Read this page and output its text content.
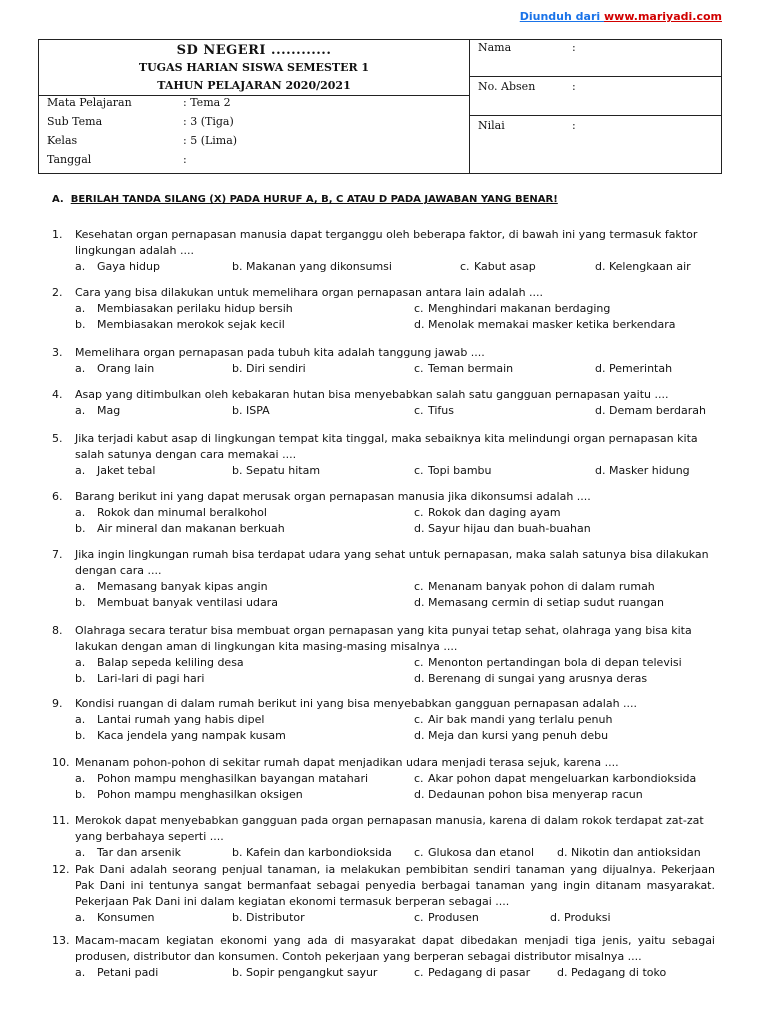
Diunduh dari www.mariyadi.com
SD NEGERI ............
TUGAS HARIAN SISWA SEMESTER 1
TAHUN PELAJARAN 2020/2021
Mata Pelajaran	: Tema 2
Sub Tema	: 3 (Tiga)
Kelas	: 5 (Lima)
Tanggal	:
Nama	:
No. Absen	:
Nilai	:
A. BERILAH TANDA SILANG (X) PADA HURUF A, B, C ATAU D PADA JAWABAN YANG BENAR!
1. Kesehatan organ pernapasan manusia dapat terganggu oleh beberapa faktor, di bawah ini yang termasuk faktor lingkungan adalah ....
a. Gaya hidup	b. Makanan yang dikonsumsi	c. Kabut asap	d. Kelengkaan air
2. Cara yang bisa dilakukan untuk memelihara organ pernapasan antara lain adalah ....
a. Membiasakan perilaku hidup bersih
b. Membiasakan merokok sejak kecil
c. Menghindari makanan berdaging
d. Menolak memakai masker ketika berkendara
3. Memelihara organ pernapasan pada tubuh kita adalah tanggung jawab ....
a. Orang lain	b. Diri sendiri	c. Teman bermain	d. Pemerintah
4. Asap yang ditimbulkan oleh kebakaran hutan bisa menyebabkan salah satu gangguan pernapasan yaitu ....
a. Mag	b. ISPA	c. Tifus	d. Demam berdarah
5. Jika terjadi kabut asap di lingkungan tempat kita tinggal, maka sebaiknya kita melindungi organ pernapasan kita salah satunya dengan cara memakai ....
a. Jaket tebal	b. Sepatu hitam	c. Topi bambu	d. Masker hidung
6. Barang berikut ini yang dapat merusak organ pernapasan manusia jika dikonsumsi adalah ....
a. Rokok dan minumal beralkohol
b. Air mineral dan makanan berkuah
c. Rokok dan daging ayam
d. Sayur hijau dan buah-buahan
7. Jika ingin lingkungan rumah bisa terdapat udara yang sehat untuk pernapasan, maka salah satunya bisa dilakukan dengan cara ....
a. Memasang banyak kipas angin
b. Membuat banyak ventilasi udara
c. Menanam banyak pohon di dalam rumah
d. Memasang cermin di setiap sudut ruangan
8. Olahraga secara teratur bisa membuat organ pernapasan yang kita punyai tetap sehat, olahraga yang bisa kita lakukan dengan aman di lingkungan kita masing-masing misalnya ....
a. Balap sepeda keliling desa
b. Lari-lari di pagi hari
c. Menonton pertandingan bola di depan televisi
d. Berenang di sungai yang arusnya deras
9. Kondisi ruangan di dalam rumah berikut ini yang bisa menyebabkan gangguan pernapasan adalah ....
a. Lantai rumah yang habis dipel
b. Kaca jendela yang nampak kusam
c. Air bak mandi yang terlalu penuh
d. Meja dan kursi yang penuh debu
10. Menanam pohon-pohon di sekitar rumah dapat menjadikan udara menjadi terasa sejuk, karena ....
a. Pohon mampu menghasilkan bayangan matahari
b. Pohon mampu menghasilkan oksigen
c. Akar pohon dapat mengeluarkan karbondioksida
d. Dedaunan pohon bisa menyerap racun
11. Merokok dapat menyebabkan gangguan pada organ pernapasan manusia, karena di dalam rokok terdapat zat-zat yang berbahaya seperti ....
a. Tar dan arsenik	b. Kafein dan karbondioksida c. Glukosa dan etanol d. Nikotin dan antioksidan
12. Pak Dani adalah seorang penjual tanaman, ia melakukan pembibitan sendiri tanaman yang dijualnya. Pekerjaan Pak Dani ini tentunya sangat bermanfaat sebagai penyedia berbagai tanaman yang ingin ditanam masyarakat. Pekerjaan Pak Dani ini dalam kegiatan ekonomi termasuk berperan sebagai ....
a. Konsumen	b. Distributor	c. Produsen	d. Produksi
13. Macam-macam kegiatan ekonomi yang ada di masyarakat dapat dibedakan menjadi tiga jenis, yaitu sebagai produsen, distributor dan konsumen. Contoh pekerjaan yang berperan sebagai distributor misalnya ....
a. Petani padi	b. Sopir pengangkut sayur	c. Pedagang di pasar d. Pedagang di toko
